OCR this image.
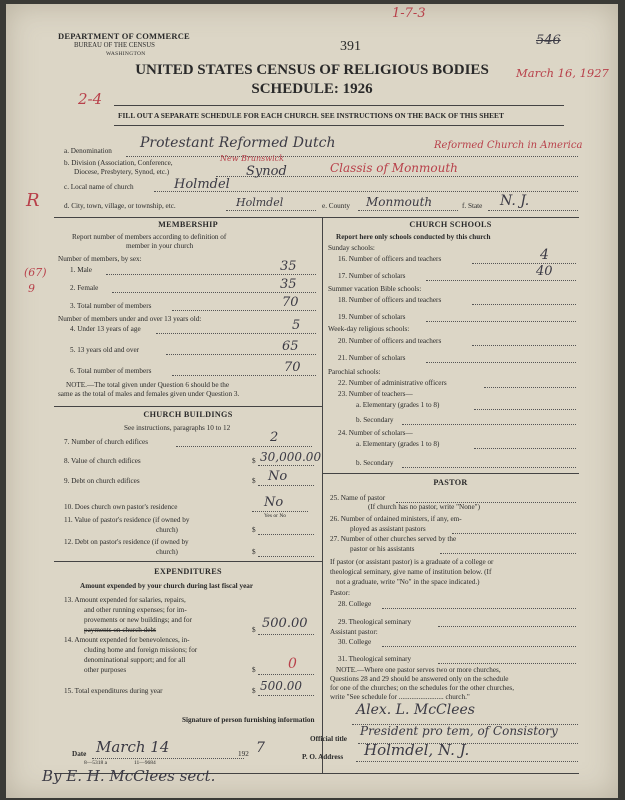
DEPARTMENT OF COMMERCE
BUREAU OF THE CENSUS
WASHINGTON	391
1-7-3
546
March 16, 1927
UNITED STATES CENSUS OF RELIGIOUS BODIES
SCHEDULE: 1926
2-4
FILL OUT A SEPARATE SCHEDULE FOR EACH CHURCH. SEE INSTRUCTIONS ON THE BACK OF THIS SHEET
R
(67)
9
a. Denomination Protestant Reformed Dutch	Reformed Church in America
b. Division (Association, Conference,
Diocese, Presbytery, Synod, etc.)
New Brunswick
Synod	Classis of Monmouth
c. Local name of church	Holmdel
d. City, town, village, or township, etc.	Holmdel	e. County Monmouth	f. State N. J.
MEMBERSHIP
Report number of members according to definition of
member in your church
Number of members, by sex:
1. Male	35
2. Female	35
3. Total number of members	70
Number of members under and over 13 years old:
4. Under 13 years of age	5
5. 13 years old and over	65
6. Total number of members	70
NOTE.—The total given under Question 6 should be the
same as the total of males and females given under Question 3.
CHURCH BUILDINGS
See instructions, paragraphs 10 to 12
7. Number of church edifices	2
8. Value of church edifices	$ 30,000.00
9. Debt on church edifices	$ No
10. Does church own pastor's residence	No
Yes or No
11. Value of pastor's residence (if owned by
church)	$
12. Debt on pastor's residence (if owned by
church)	$
EXPENDITURES
Amount expended by your church during last fiscal year
13. Amount expended for salaries, repairs,
and other running expenses; for im-
provements or new buildings; and for
payments on church debt	$ 500.00
14. Amount expended for benevolences, in-
cluding home and foreign missions; for
denominational support; and for all
other purposes	$ 0
15. Total expenditures during year	$ 500.00
CHURCH SCHOOLS
Report here only schools conducted by this church
Sunday schools:
16. Number of officers and teachers	4
17. Number of scholars	40
Summer vacation Bible schools:
18. Number of officers and teachers
19. Number of scholars
Week-day religious schools:
20. Number of officers and teachers
21. Number of scholars
Parochial schools:
22. Number of administrative officers
23. Number of teachers—
a. Elementary (grades 1 to 8)
b. Secondary
24. Number of scholars—
a. Elementary (grades 1 to 8)
b. Secondary
PASTOR
25. Name of pastor
(If church has no pastor, write "None")
26. Number of ordained ministers, if any, em-
ployed as assistant pastors
27. Number of other churches served by the
pastor or his assistants
If pastor (or assistant pastor) is a graduate of a college or
theological seminary, give name of institution below. (If
not a graduate, write "No" in the space indicated.)
Pastor:
28. College
29. Theological seminary
Assistant pastor:
30. College
31. Theological seminary
NOTE.—Where one pastor serves two or more churches,
Questions 28 and 29 should be answered only on the schedule
for one of the churches; on the schedules for the other churches,
write "See schedule for ......................... church."
Signature of person furnishing information
Alex. L. McClees
Official title
President pro tem, of Consistory
Date March 14	192 7
P. O. Address Holmdel, N. J.
8—5318 a	11—9684
By E. H. McClees sect.
